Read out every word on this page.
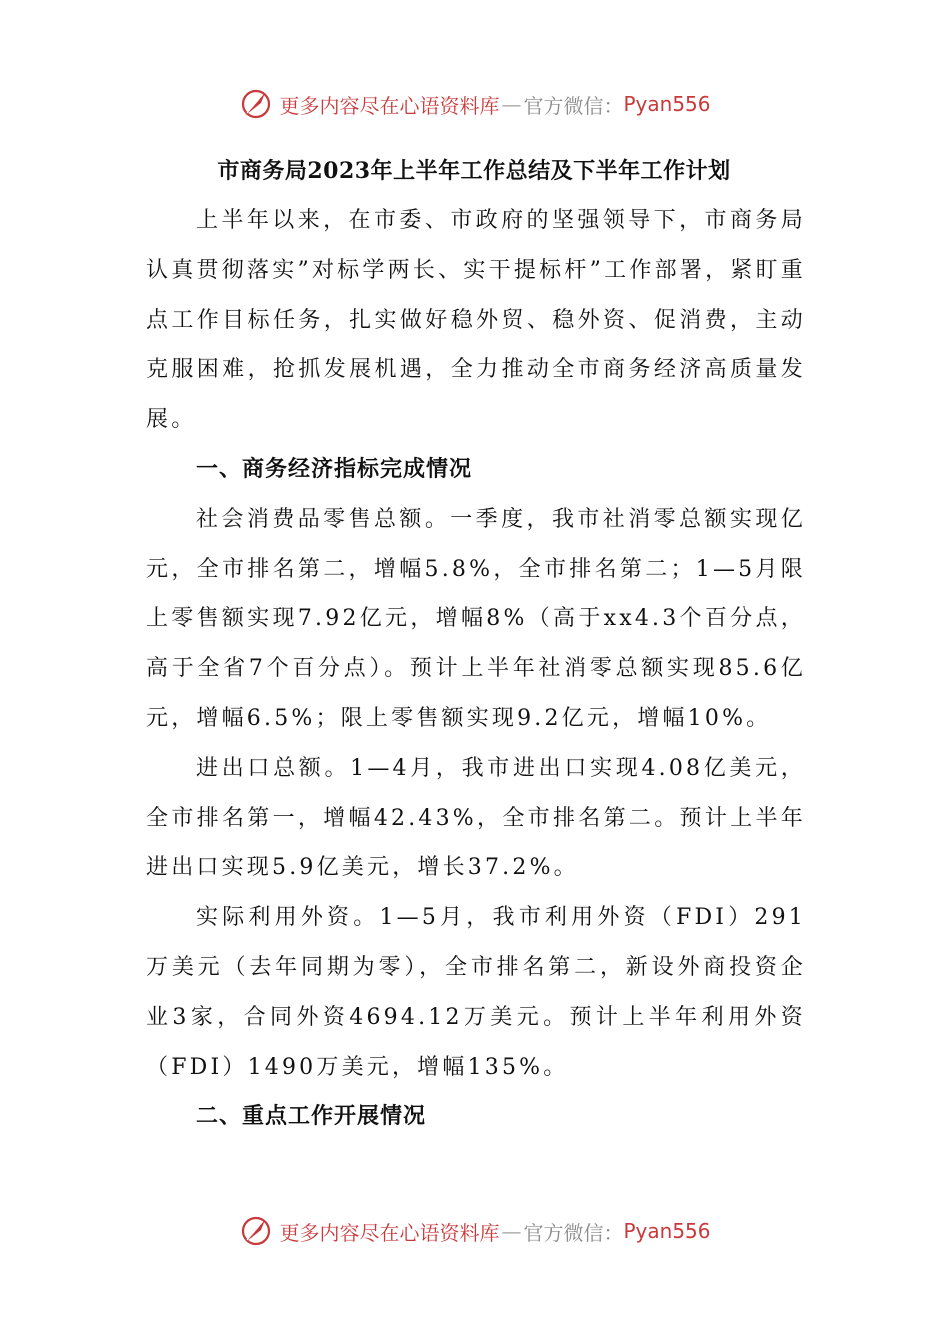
更多内容尽在心语资料库 — 官方微信： Pyan556
市商务局2023年上半年工作总结及下半年工作计划

上半年以来，在市委、市政府的坚强领导下，市商务局认真贯彻落实”对标学两长、实干提标杆”工作部署，紧盯重点工作目标任务，扎实做好稳外贸、稳外资、促消费，主动克服困难，抢抓发展机遇，全力推动全市商务经济高质量发展。

一、商务经济指标完成情况

社会消费品零售总额。一季度，我市社消零总额实现亿元，全市排名第二，增幅5.8%，全市排名第二；1—5月限上零售额实现7.92亿元，增幅8%（高于xx4.3个百分点，高于全省7个百分点）。预计上半年社消零总额实现85.6亿元，增幅6.5%；限上零售额实现9.2亿元，增幅10%。

进出口总额。1—4月，我市进出口实现4.08亿美元，全市排名第一，增幅42.43%，全市排名第二。预计上半年进出口实现5.9亿美元，增长37.2%。

实际利用外资。1—5月，我市利用外资（FDI）291万美元（去年同期为零），全市排名第二，新设外商投资企业3家，合同外资4694.12万美元。预计上半年利用外资（FDI）1490万美元，增幅135%。

二、重点工作开展情况
更多内容尽在心语资料库 — 官方微信： Pyan556
